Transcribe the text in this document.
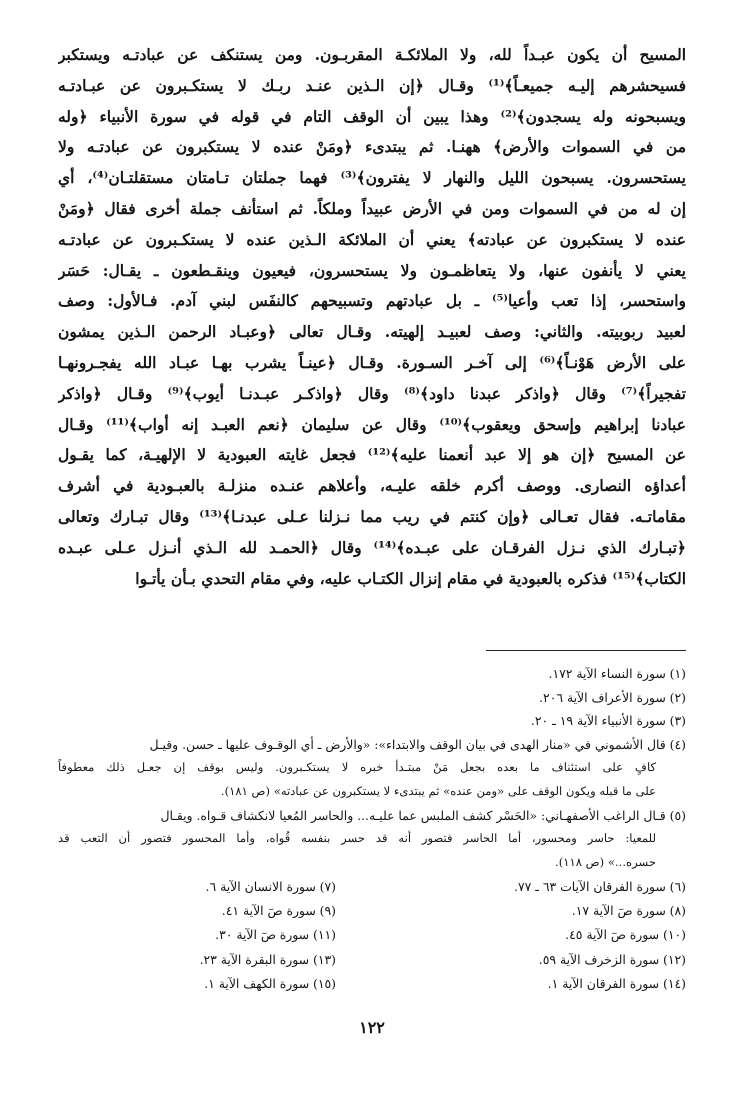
المسيح أن يكون عبـداً لله، ولا الملائكـة المقربـون. ومن يستنكف عن عبادتـه ويستكبر
فسيحشرهم إليـه جميعـاً﴾⁽¹⁾ وقـال ﴿إن الـذين عنـد ربـك لا يستكـبرون عن عبـادتـه
ويسبحونه وله يسجدون﴾⁽²⁾ وهذا يبين أن الوقف التام في قوله في سورة الأنبياء ﴿وله
من في السموات والأرض﴾ ههنـا. ثم يبتدىء ﴿ومَنْ عنده لا يستكبرون عن عبادتـه ولا
يستحسرون. يسبحون الليل والنهار لا يفترون﴾⁽³⁾ فهما جملتان تـامتان مستقلتـان⁽⁴⁾، أي
إن له من في السموات ومن في الأرض عبيداً وملكاً. ثم استأنف جملة أخرى فقال ﴿ومَنْ
عنده لا يستكبرون عن عبادته﴾ يعني أن الملائكة الـذين عنده لا يستكـبرون عن عبادتـه
يعني لا يأنفون عنها، ولا يتعاظمـون ولا يستحسرون، فيعيون وينقـطعون ـ يقـال: حَسَر
واستحسر، إذا تعب وأعيا⁽⁵⁾ ـ بل عبادتهم وتسبيحهم كالنفَس لبني آدم. فـالأول: وصف
لعبيد ربوبيته. والثاني: وصف لعبيـد إلهيته. وقـال تعالى ﴿وعبـاد الرحمن الـذين يمشون
على الأرض هَوْنـاً﴾⁽⁶⁾ إلى آخـر السـورة. وقـال ﴿عينـاً يشرب بهـا عبـاد الله يفجـرونهـا
تفجيراً﴾⁽⁷⁾ وقال ﴿واذكر عبدنا داود﴾⁽⁸⁾ وقال ﴿واذكـر عبـدنـا أيوب﴾⁽⁹⁾ وقـال ﴿واذكر
عبادنا إبراهيم وإسحق ويعقوب﴾⁽¹⁰⁾ وقال عن سليمان ﴿نعم العبـد إنه أواب﴾⁽¹¹⁾ وقـال
عن المسيح ﴿إن هو إلا عبد أنعمنا عليه﴾⁽¹²⁾ فجعل غايته العبودية لا الإلهيـة، كما يقـول
أعداؤه النصارى. ووصف أكرم خلقه عليـه، وأعلاهم عنـده منزلـة بالعبـودية في أشرف
مقاماتـه. فقال تعـالى ﴿وإن كنتم في ريب مما نـزلنا عـلى عبدنـا﴾⁽¹³⁾ وقال تبـارك وتعالى
﴿تبـارك الذي نـزل الفرقـان على عبـده﴾⁽¹⁴⁾ وقال ﴿الحمـد لله الـذي أنـزل عـلى عبـده
الكتاب﴾⁽¹⁵⁾ فذكره بالعبودية في مقام إنزال الكتـاب عليه، وفي مقام التحدي بـأن يأتـوا
(١) سورة النساء الآية ١٧٢.
(٢) سورة الأعراف الآية ٢٠٦.
(٣) سورة الأنبياء الآية ١٩ ـ ٢٠.
(٤) قال الأشموني في «منار الهدى في بيان الوقف والابتداء»: «والأرض ـ أي الوقـوف عليها ـ حسن. وقيـل
كافٍ على استئناف ما بعده بجعل مَنْ مبتـدأ خبره لا يستكـبرون. وليس بوقف إن جعـل ذلك معطوفاً
على ما قبله ويكون الوقف على «ومن عنده» ثم يبتدىء لا يستكبرون عن عبادته» (ص ١٨١).
(٥) قـال الراغب الأصفهـاني: «الحَسْر كشف الملبس عما عليـه... والحاسر المُعيا لانكشاف قـواه. ويقـال
للمعيا: حاسر ومحسور، أما الحاسر فتصور أنه قد حسر بنفسه قُواه، وأما المحسور فتصور أن التعب قد
حسره...» (ص ١١٨).
(٦) سورة الفرقان الآيات ٦٣ ـ ٧٧.
(٧) سورة الانسان الآية ٦.
(٨) سورة صٓ الآية ١٧.
(٩) سورة صٓ الآية ٤١.
(١٠) سورة صٓ الآية ٤٥.
(١١) سورة صٓ الآية ٣٠.
(١٢) سورة الزخرف الآية ٥٩.
(١٣) سورة البقرة الآية ٢٣.
(١٤) سورة الفرقان الآية ١.
(١٥) سورة الكهف الآية ١.
١٢٢
